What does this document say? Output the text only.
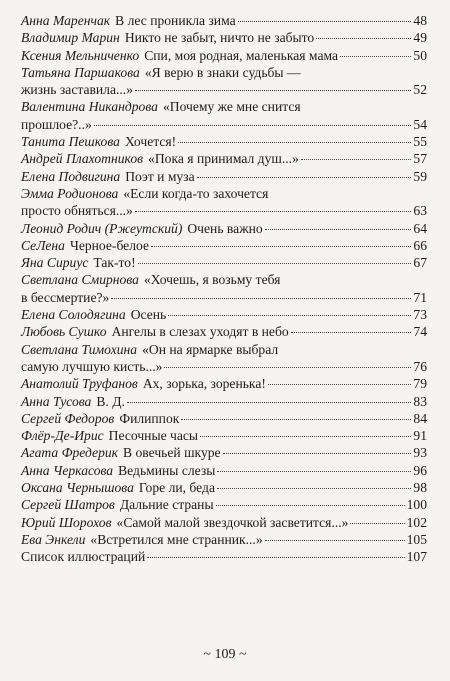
Анна Маренчак В лес проникла зима	48
Владимир Марин Никто не забыт, ничто не забыто	49
Ксения Мельниченко Спи, моя родная, маленькая мама	50
Татьяна Паршакова «Я верю в знаки судьбы —
жизнь заставила...»	52
Валентина Никандрова «Почему же мне снится
прошлое?..»	54
Танита Пешкова Хочется!	55
Андрей Плахотников «Пока я принимал душ...»	57
Елена Подвигина Поэт и муза	59
Эмма Родионова «Если когда-то захочется
просто обняться...»	63
Леонид Родич (Ржеутский) Очень важно	64
СеЛена Черное-белое	66
Яна Сириус Так-то!	67
Светлана Смирнова «Хочешь, я возьму тебя
в бессмертие?»	71
Елена Солодягина Осень	73
Любовь Сушко Ангелы в слезах уходят в небо	74
Светлана Тимохина «Он на ярмарке выбрал
самую лучшую кисть...»	76
Анатолий Труфанов Ах, зорька, зоренька!	79
Анна Тусова В. Д.	83
Сергей Федоров Филиппок	84
Флёр-Де-Ирис Песочные часы	91
Агата Фредерик В овечьей шкуре	93
Анна Черкасова Ведьмины слезы	96
Оксана Чернышова Горе ли, беда	98
Сергей Шатров Дальние страны	100
Юрий Шорохов «Самой малой звездочкой засветится...»	102
Ева Энкели «Встретился мне странник...»	105
Список иллюстраций	107
~ 109 ~
